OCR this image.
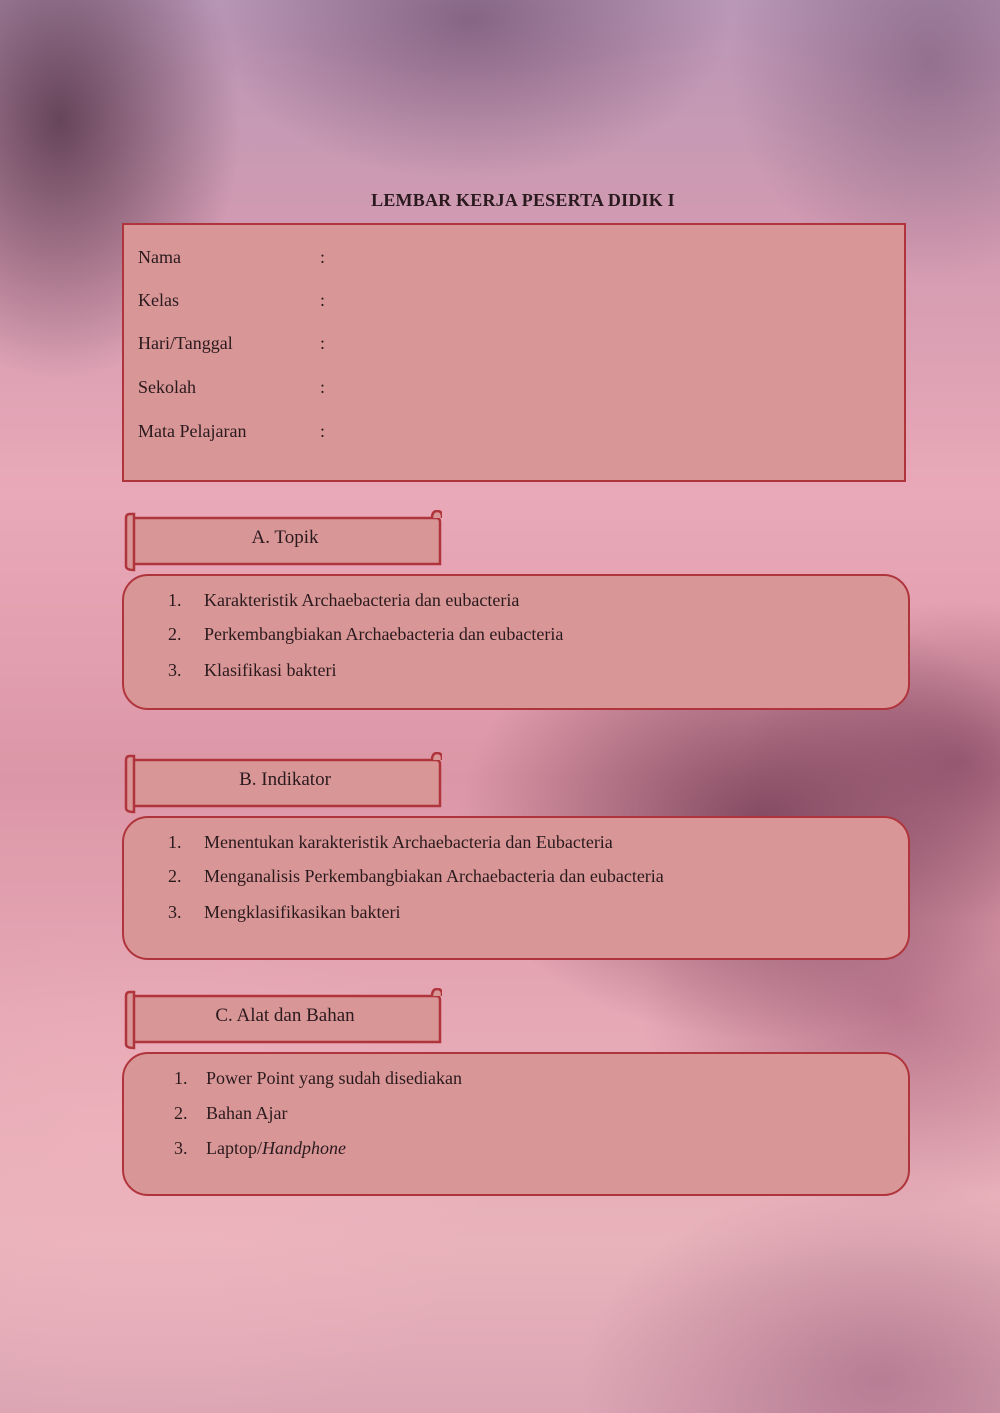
LEMBAR KERJA PESERTA DIDIK I
Nama	:
Kelas	:
Hari/Tanggal	:
Sekolah	:
Mata Pelajaran	:
A. Topik
1. Karakteristik Archaebacteria dan eubacteria
2. Perkembangbiakan Archaebacteria dan eubacteria
3. Klasifikasi bakteri
B. Indikator
1. Menentukan karakteristik Archaebacteria dan Eubacteria
2. Menganalisis Perkembangbiakan Archaebacteria dan eubacteria
3. Mengklasifikasikan bakteri
C. Alat dan Bahan
1. Power Point yang sudah disediakan
2. Bahan Ajar
3. Laptop/Handphone
